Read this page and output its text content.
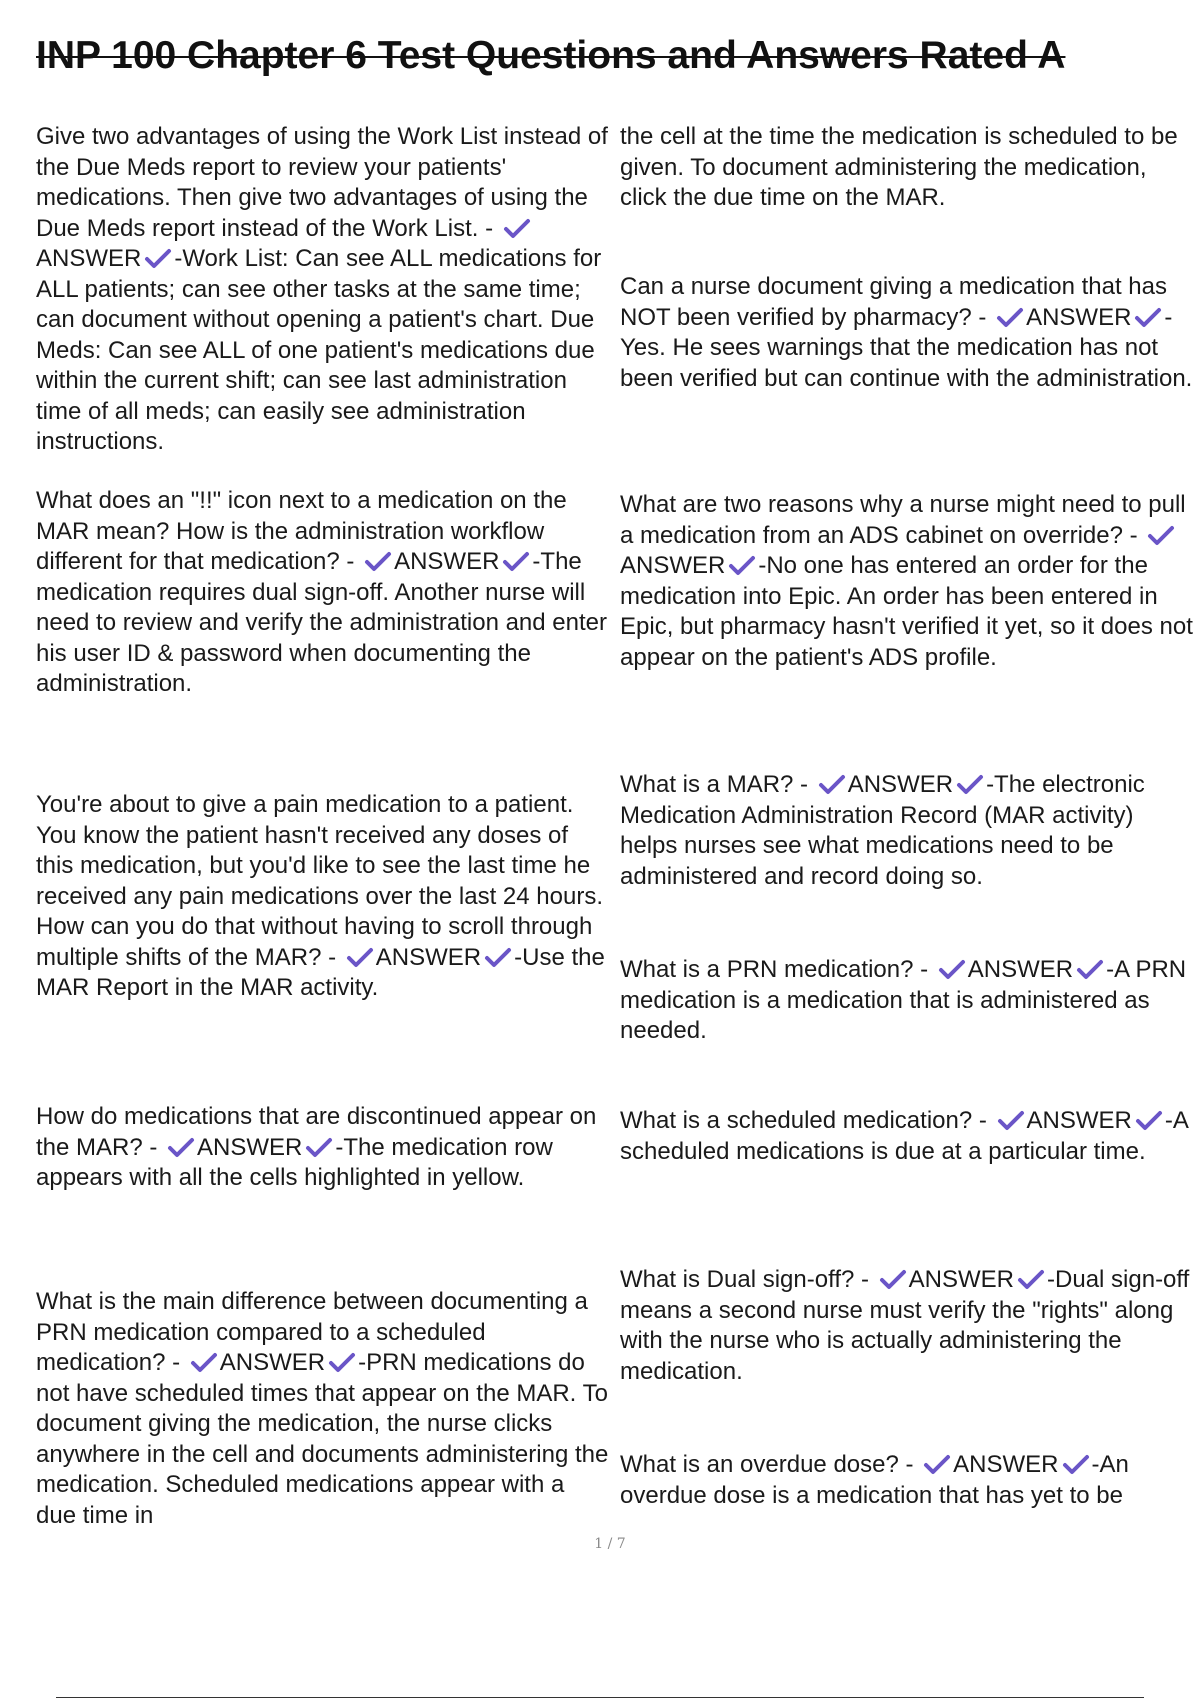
INP 100 Chapter 6 Test Questions and Answers Rated A
Give two advantages of using the Work List instead of the Due Meds report to review your patients' medications. Then give two advantages of using the Due Meds report instead of the Work List. -
ANSWER -Work List: Can see ALL medications for ALL patients; can see other tasks at the same time; can document without opening a patient's chart. Due Meds: Can see ALL of one patient's medications due within the current shift; can see last administration time of all meds; can easily see administration instructions.
What does an "!!" icon next to a medication on the MAR mean? How is the administration workflow different for that medication? - ANSWER -The medication requires dual sign-off. Another nurse will need to review and verify the administration and enter his user ID & password when documenting the administration.
You're about to give a pain medication to a patient. You know the patient hasn't received any doses of this medication, but you'd like to see the last time he received any pain medications over the last 24 hours. How can you do that without having to scroll through multiple shifts of the MAR? - ANSWER -Use the MAR Report in the MAR activity.
How do medications that are discontinued appear on the MAR? - ANSWER -The medication row appears with all the cells highlighted in yellow.
What is the main difference between documenting a PRN medication compared to a scheduled medication? - ANSWER -PRN medications do not have scheduled times that appear on the MAR. To document giving the medication, the nurse clicks anywhere in the cell and documents administering the medication. Scheduled medications appear with a due time in
the cell at the time the medication is scheduled to be given. To document administering the medication, click the due time on the MAR.
Can a nurse document giving a medication that has NOT been verified by pharmacy? - ANSWER -Yes. He sees warnings that the medication has not been verified but can continue with the administration.
What are two reasons why a nurse might need to pull a medication from an ADS cabinet on override? -
ANSWER -No one has entered an order for the medication into Epic. An order has been entered in Epic, but pharmacy hasn't verified it yet, so it does not appear on the patient's ADS profile.
What is a MAR? - ANSWER -The electronic Medication Administration Record (MAR activity) helps nurses see what medications need to be administered and record doing so.
What is a PRN medication? - ANSWER -A PRN medication is a medication that is administered as needed.
What is a scheduled medication? - ANSWER -A scheduled medications is due at a particular time.
What is Dual sign-off? - ANSWER -Dual sign-off means a second nurse must verify the "rights" along with the nurse who is actually administering the medication.
What is an overdue dose? - ANSWER -An overdue dose is a medication that has yet to be
1 / 7
